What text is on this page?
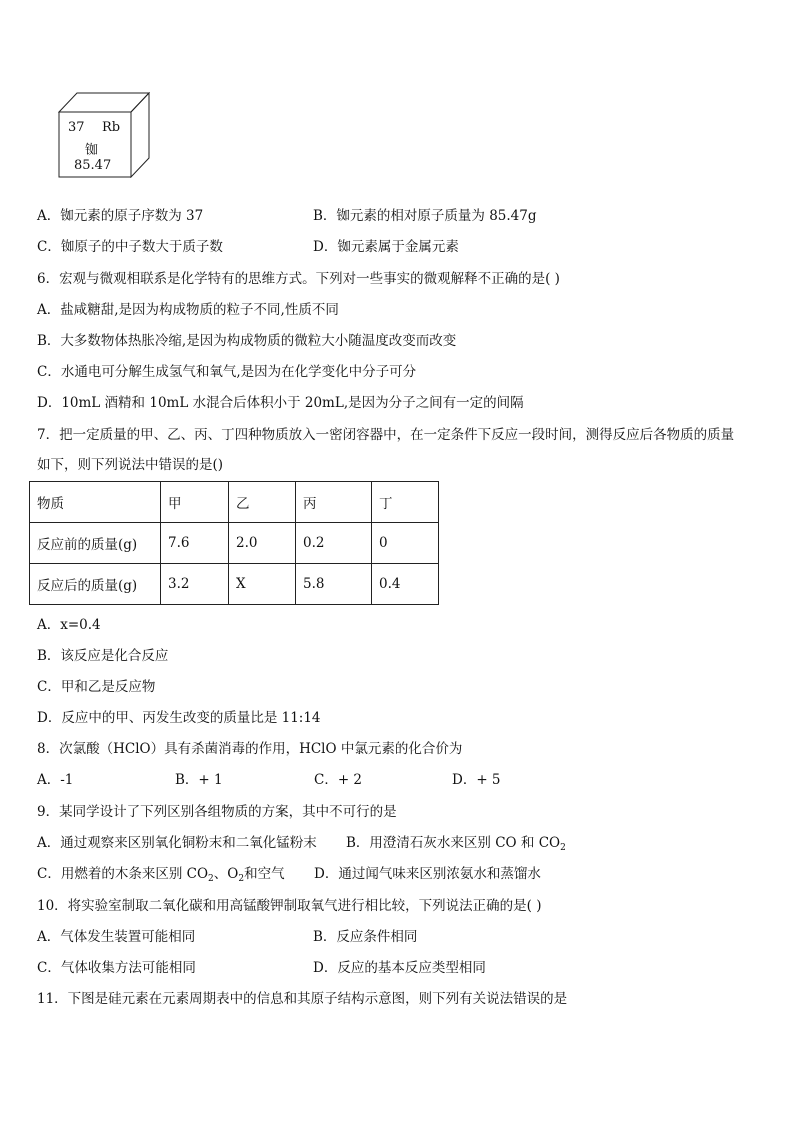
37 Rb
铷
85.47
A．铷元素的原子序数为 37	B．铷元素的相对原子质量为 85.47g
C．铷原子的中子数大于质子数	D．铷元素属于金属元素
6．宏观与微观相联系是化学特有的思维方式。下列对一些事实的微观解释不正确的是( )
A．盐咸糖甜,是因为构成物质的粒子不同,性质不同
B．大多数物体热胀冷缩,是因为构成物质的微粒大小随温度改变而改变
C．水通电可分解生成氢气和氧气,是因为在化学变化中分子可分
D．10mL 酒精和 10mL 水混合后体积小于 20mL,是因为分子之间有一定的间隔
7．把一定质量的甲、乙、丙、丁四种物质放入一密闭容器中，在一定条件下反应一段时间，测得反应后各物质的质量
如下，则下列说法中错误的是()
物质	甲	乙	丙	丁
反应前的质量(g)	7.6	2.0	0.2	0
反应后的质量(g)	3.2	X	5.8	0.4
A．x=0.4
B．该反应是化合反应
C．甲和乙是反应物
D．反应中的甲、丙发生改变的质量比是 11:14
8．次氯酸（HClO）具有杀菌消毒的作用，HClO 中氯元素的化合价为
A．-1	B．+ 1	C．+ 2	D．+ 5
9．某同学设计了下列区别各组物质的方案，其中不可行的是
A．通过观察来区别氧化铜粉末和二氧化锰粉末 B．用澄清石灰水来区别 CO 和 $CO_2$
C．用燃着的木条来区别 $CO_2$、$O_2$和空气 D．通过闻气味来区别浓氨水和蒸馏水
10．将实验室制取二氧化碳和用高锰酸钾制取氧气进行相比较，下列说法正确的是( )
A．气体发生装置可能相同	B．反应条件相同
C．气体收集方法可能相同	D．反应的基本反应类型相同
11．下图是硅元素在元素周期表中的信息和其原子结构示意图，则下列有关说法错误的是
